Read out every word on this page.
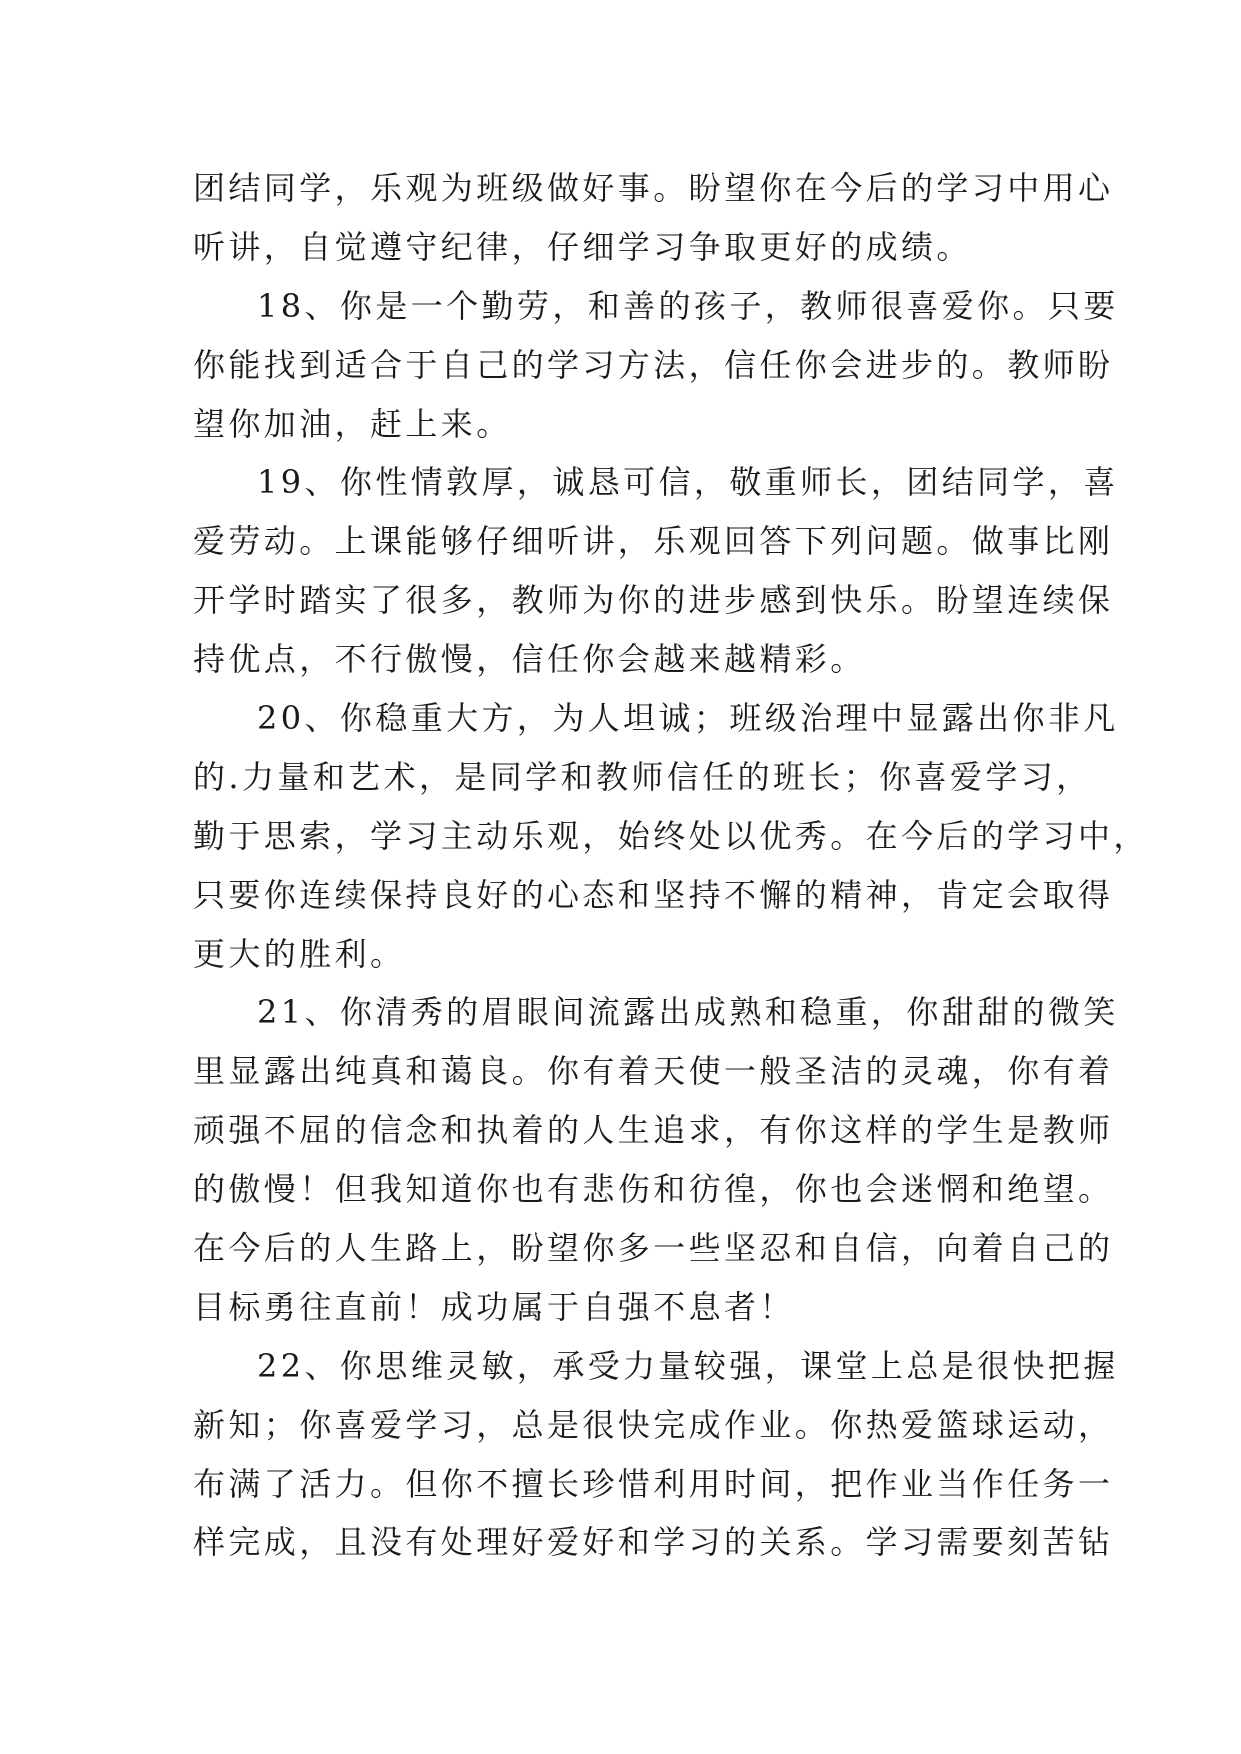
团结同学，乐观为班级做好事。盼望你在今后的学习中用心
听讲，自觉遵守纪律，仔细学习争取更好的成绩。
18、你是一个勤劳，和善的孩子，教师很喜爱你。只要
你能找到适合于自己的学习方法，信任你会进步的。教师盼
望你加油，赶上来。
19、你性情敦厚，诚恳可信，敬重师长，团结同学，喜
爱劳动。上课能够仔细听讲，乐观回答下列问题。做事比刚
开学时踏实了很多，教师为你的进步感到快乐。盼望连续保
持优点，不行傲慢，信任你会越来越精彩。
20、你稳重大方，为人坦诚；班级治理中显露出你非凡
的.力量和艺术，是同学和教师信任的班长；你喜爱学习，
勤于思索，学习主动乐观，始终处以优秀。在今后的学习中，
只要你连续保持良好的心态和坚持不懈的精神，肯定会取得
更大的胜利。
21、你清秀的眉眼间流露出成熟和稳重，你甜甜的微笑
里显露出纯真和蔼良。你有着天使一般圣洁的灵魂，你有着
顽强不屈的信念和执着的人生追求，有你这样的学生是教师
的傲慢！但我知道你也有悲伤和彷徨，你也会迷惘和绝望。
在今后的人生路上，盼望你多一些坚忍和自信，向着自己的
目标勇往直前！成功属于自强不息者！
22、你思维灵敏，承受力量较强，课堂上总是很快把握
新知；你喜爱学习，总是很快完成作业。你热爱篮球运动，
布满了活力。但你不擅长珍惜利用时间，把作业当作任务一
样完成，且没有处理好爱好和学习的关系。学习需要刻苦钻
